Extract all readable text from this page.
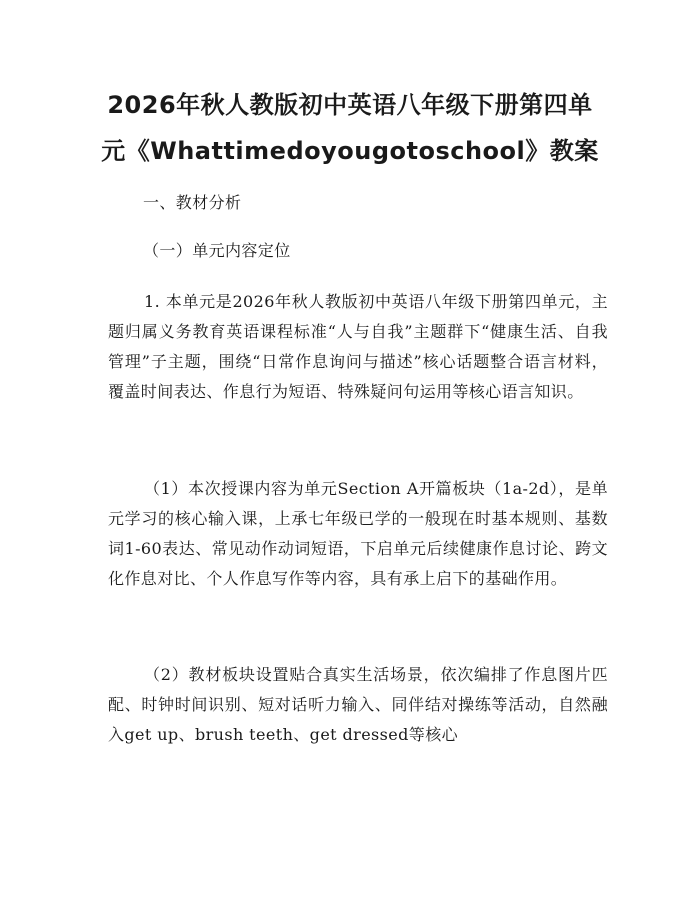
2026年秋人教版初中英语八年级下册第四单
元《Whattimedoyougotoschool》教案
一、教材分析
（一）单元内容定位

1. 本单元是2026年秋人教版初中英语八年级下册第四单元，主题归属义务教育英语课程标准“人与自我”主题群下“健康生活、自我管理”子主题，围绕“日常作息询问与描述”核心话题整合语言材料，覆盖时间表达、作息行为短语、特殊疑问句运用等核心语言知识。

（1）本次授课内容为单元Section A开篇板块（1a-2d），是单元学习的核心输入课，上承七年级已学的一般现在时基本规则、基数词1-60表达、常见动作动词短语，下启单元后续健康作息讨论、跨文化作息对比、个人作息写作等内容，具有承上启下的基础作用。

（2）教材板块设置贴合真实生活场景，依次编排了作息图片匹配、时钟时间识别、短对话听力输入、同伴结对操练等活动，自然融入get up、brush teeth、get dressed等核心
